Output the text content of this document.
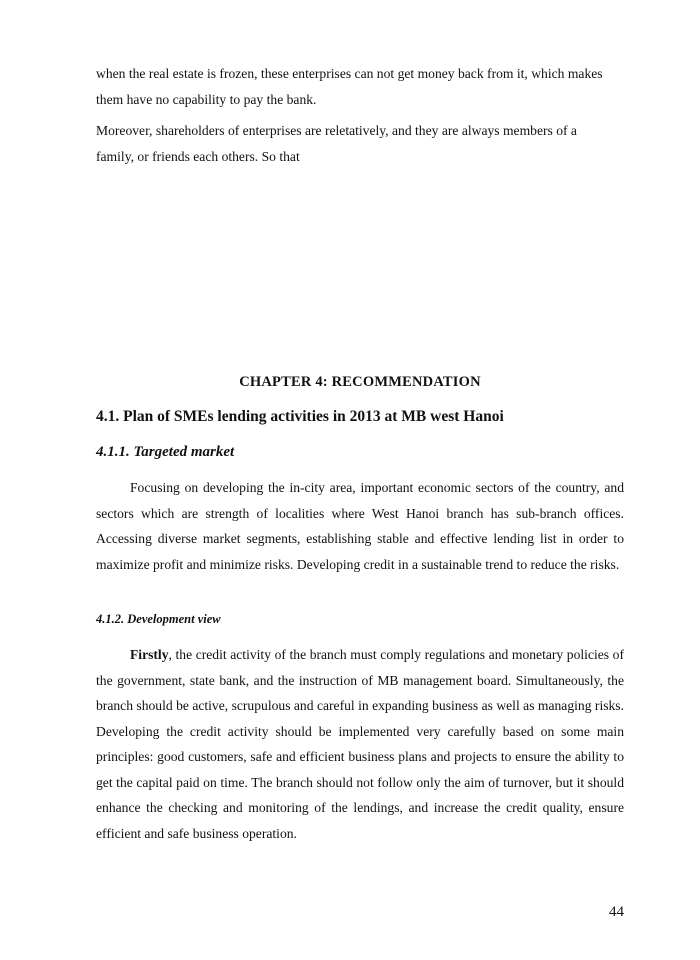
when the real estate is frozen, these enterprises can not get money back from it, which makes them have no capability to pay the bank.

Moreover, shareholders of enterprises are reletatively, and they are always members of a family, or friends each others. So that

CHAPTER 4: RECOMMENDATION
4.1. Plan of SMEs lending activities in 2013 at MB west Hanoi
4.1.1. Targeted market

Focusing on developing the in-city area, important economic sectors of the country, and sectors which are strength of localities where West Hanoi branch has sub-branch offices. Accessing diverse market segments, establishing stable and effective lending list in order to maximize profit and minimize risks. Developing credit in a sustainable trend to reduce the risks.

4.1.2. Development view

Firstly, the credit activity of the branch must comply regulations and monetary policies of the government, state bank, and the instruction of MB management board. Simultaneously, the branch should be active, scrupulous and careful in expanding business as well as managing risks. Developing the credit activity should be implemented very carefully based on some main principles: good customers, safe and efficient business plans and projects to ensure the ability to get the capital paid on time. The branch should not follow only the aim of turnover, but it should enhance the checking and monitoring of the lendings, and increase the credit quality, ensure efficient and safe business operation.

44
